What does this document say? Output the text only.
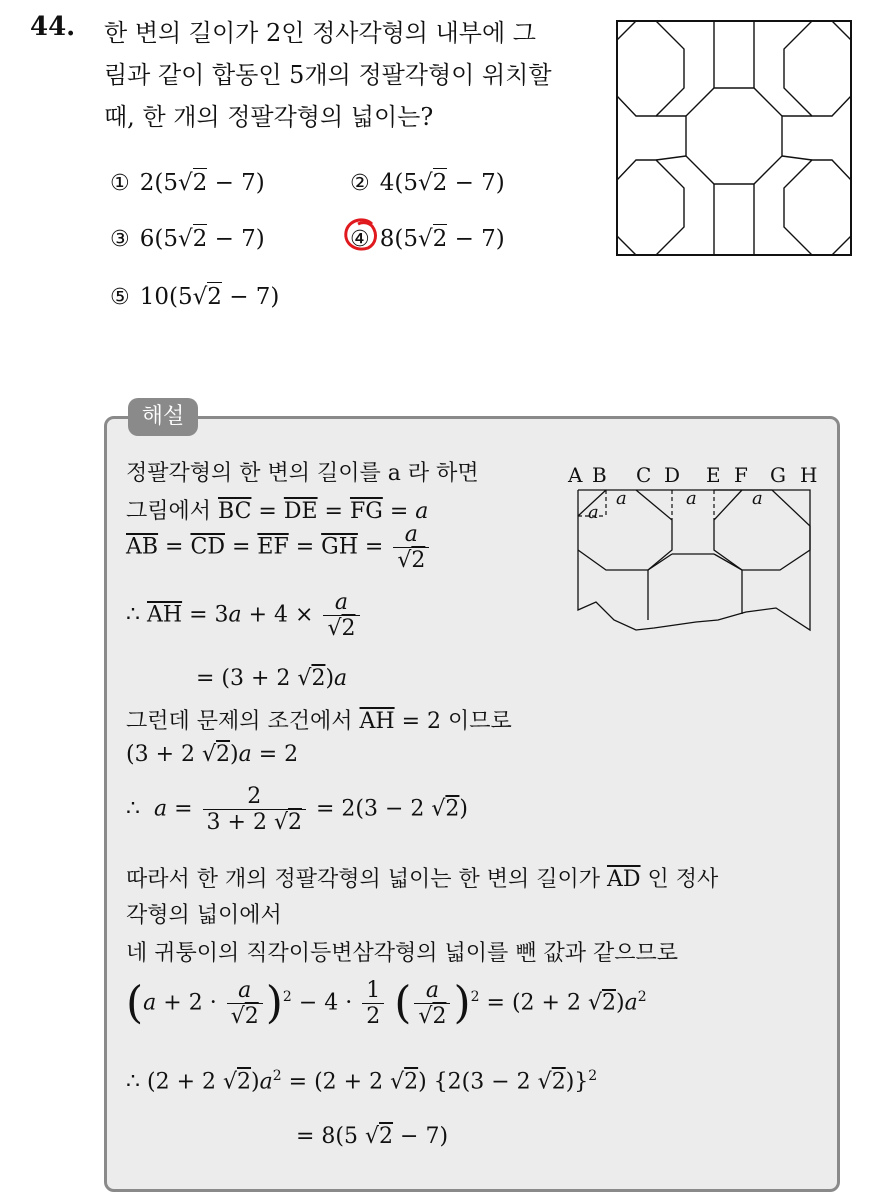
44. 한 변의 길이가 2인 정사각형의 내부에 그
림과 같이 합동인 5개의 정팔각형이 위치할
때, 한 개의 정팔각형의 넓이는?
① 2(5√2 − 7)	② 4(5√2 − 7)
③ 6(5√2 − 7)	④ 8(5√2 − 7)
⑤ 10(5√2 − 7)
해설
정팔각형의 한 변의 길이를 a 라 하면
그림에서 $\overline{BC} = \overline{DE} = \overline{FG} = a$
$\overline{AB} = \overline{CD} = \overline{EF} = \overline{GH} = \frac{a}{√2}$
∴ $\overline{AH} = 3a + 4 \times \frac{a}{√2}$
= (3 + 2 √2)a
그런데 문제의 조건에서 $\overline{AH} = 2$ 이므로
(3 + 2 √2)a = 2
∴ $a = \frac{2}{3 + 2 √2} = 2(3 - 2$ √2)
따라서 한 개의 정팔각형의 넓이는 한 변의 길이가 $\overline{AD}$ 인 정사
각형의 넓이에서
네 귀퉁이의 직각이등변삼각형의 넓이를 뺀 값과 같으므로
$(a + 2 \cdot \frac{a}{√2} )^2 - 4 \cdot \frac{1}{2}$ ( $\frac{a}{√2} )^2 = (2 + 2$ $√2)a^2$
∴ (2 + 2 $√2)a^2 = (2 + 2$ √2) {2(3 − 2 √2)}$^2$
= 8(5 √2 − 7)
A B C D E F G H
a
a	a	a
